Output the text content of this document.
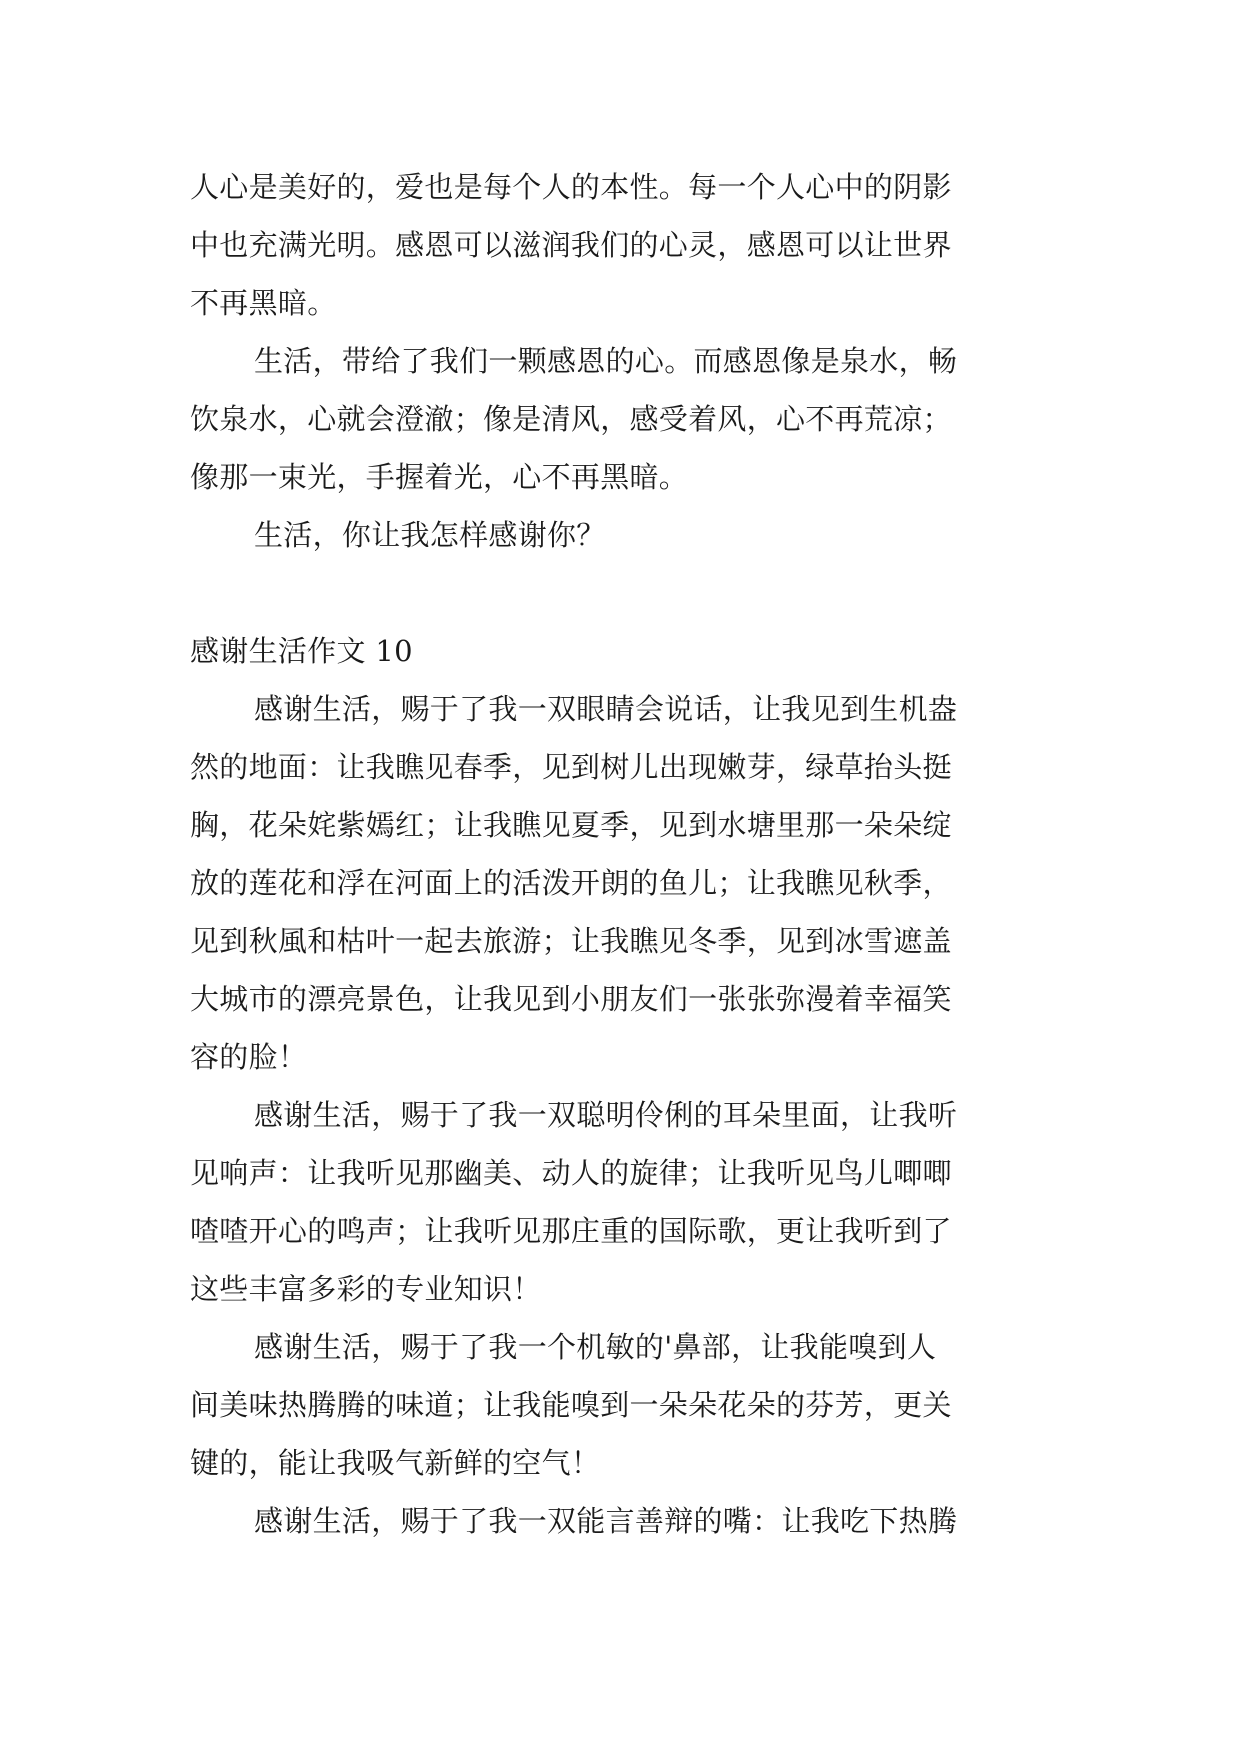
人心是美好的，爱也是每个人的本性。每一个人心中的阴影
中也充满光明。感恩可以滋润我们的心灵，感恩可以让世界
不再黑暗。
生活，带给了我们一颗感恩的心。而感恩像是泉水，畅
饮泉水，心就会澄澈；像是清风，感受着风，心不再荒凉；
像那一束光，手握着光，心不再黑暗。
生活，你让我怎样感谢你？
感谢生活作文 10
感谢生活，赐于了我一双眼睛会说话，让我见到生机盎
然的地面：让我瞧见春季，见到树儿出现嫩芽，绿草抬头挺
胸，花朵姹紫嫣红；让我瞧见夏季，见到水塘里那一朵朵绽
放的莲花和浮在河面上的活泼开朗的鱼儿；让我瞧见秋季，
见到秋風和枯叶一起去旅游；让我瞧见冬季，见到冰雪遮盖
大城市的漂亮景色，让我见到小朋友们一张张弥漫着幸福笑
容的脸！
感谢生活，赐于了我一双聪明伶俐的耳朵里面，让我听
见响声：让我听见那幽美、动人的旋律；让我听见鸟儿唧唧
喳喳开心的鸣声；让我听见那庄重的国际歌，更让我听到了
这些丰富多彩的专业知识！
感谢生活，赐于了我一个机敏的'鼻部，让我能嗅到人
间美味热腾腾的味道；让我能嗅到一朵朵花朵的芬芳，更关
键的，能让我吸气新鲜的空气！
感谢生活，赐于了我一双能言善辩的嘴：让我吃下热腾
